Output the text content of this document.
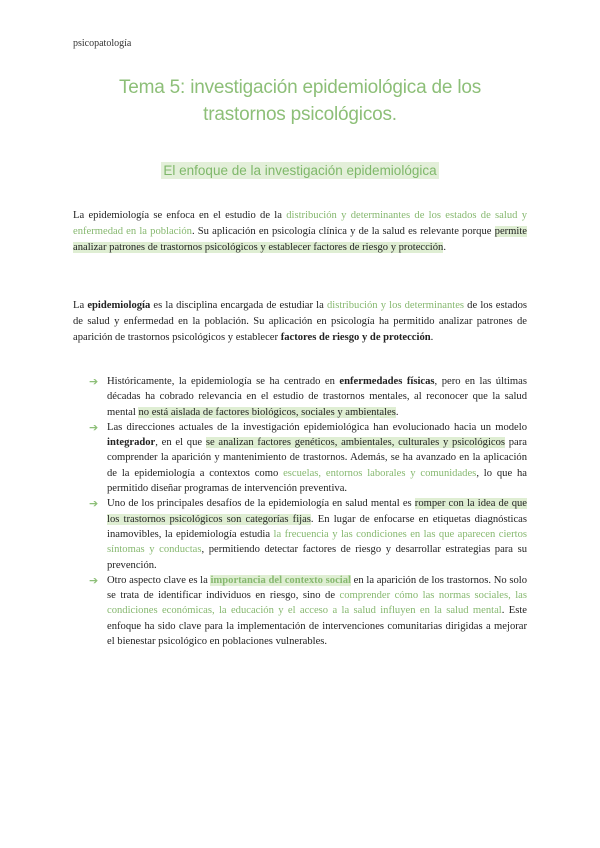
psicopatología
Tema 5: investigación epidemiológica de los trastornos psicológicos.
El enfoque de la investigación epidemiológica

La epidemiología se enfoca en el estudio de la distribución y determinantes de los estados de salud y enfermedad en la población. Su aplicación en psicología clínica y de la salud es relevante porque permite analizar patrones de trastornos psicológicos y establecer factores de riesgo y protección.

La epidemiología es la disciplina encargada de estudiar la distribución y los determinantes de los estados de salud y enfermedad en la población. Su aplicación en psicología ha permitido analizar patrones de aparición de trastornos psicológicos y establecer factores de riesgo y de protección.

➔ Históricamente, la epidemiología se ha centrado en enfermedades físicas, pero en las últimas décadas ha cobrado relevancia en el estudio de trastornos mentales, al reconocer que la salud mental no está aislada de factores biológicos, sociales y ambientales.
➔ Las direcciones actuales de la investigación epidemiológica han evolucionado hacia un modelo integrador, en el que se analizan factores genéticos, ambientales, culturales y psicológicos para comprender la aparición y mantenimiento de trastornos. Además, se ha avanzado en la aplicación de la epidemiología a contextos como escuelas, entornos laborales y comunidades, lo que ha permitido diseñar programas de intervención preventiva.
➔ Uno de los principales desafíos de la epidemiología en salud mental es romper con la idea de que los trastornos psicológicos son categorías fijas. En lugar de enfocarse en etiquetas diagnósticas inamovibles, la epidemiología estudia la frecuencia y las condiciones en las que aparecen ciertos síntomas y conductas, permitiendo detectar factores de riesgo y desarrollar estrategias para su prevención.
➔ Otro aspecto clave es la importancia del contexto social en la aparición de los trastornos. No solo se trata de identificar individuos en riesgo, sino de comprender cómo las normas sociales, las condiciones económicas, la educación y el acceso a la salud influyen en la salud mental. Este enfoque ha sido clave para la implementación de intervenciones comunitarias dirigidas a mejorar el bienestar psicológico en poblaciones vulnerables.
